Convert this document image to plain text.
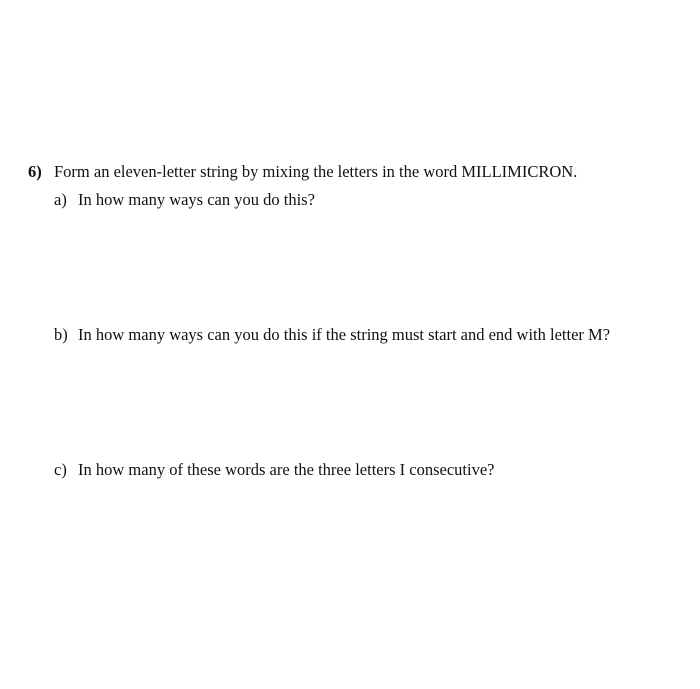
6) Form an eleven-letter string by mixing the letters in the word MILLIMICRON.
a) In how many ways can you do this?
b) In how many ways can you do this if the string must start and end with letter M?
c) In how many of these words are the three letters I consecutive?
